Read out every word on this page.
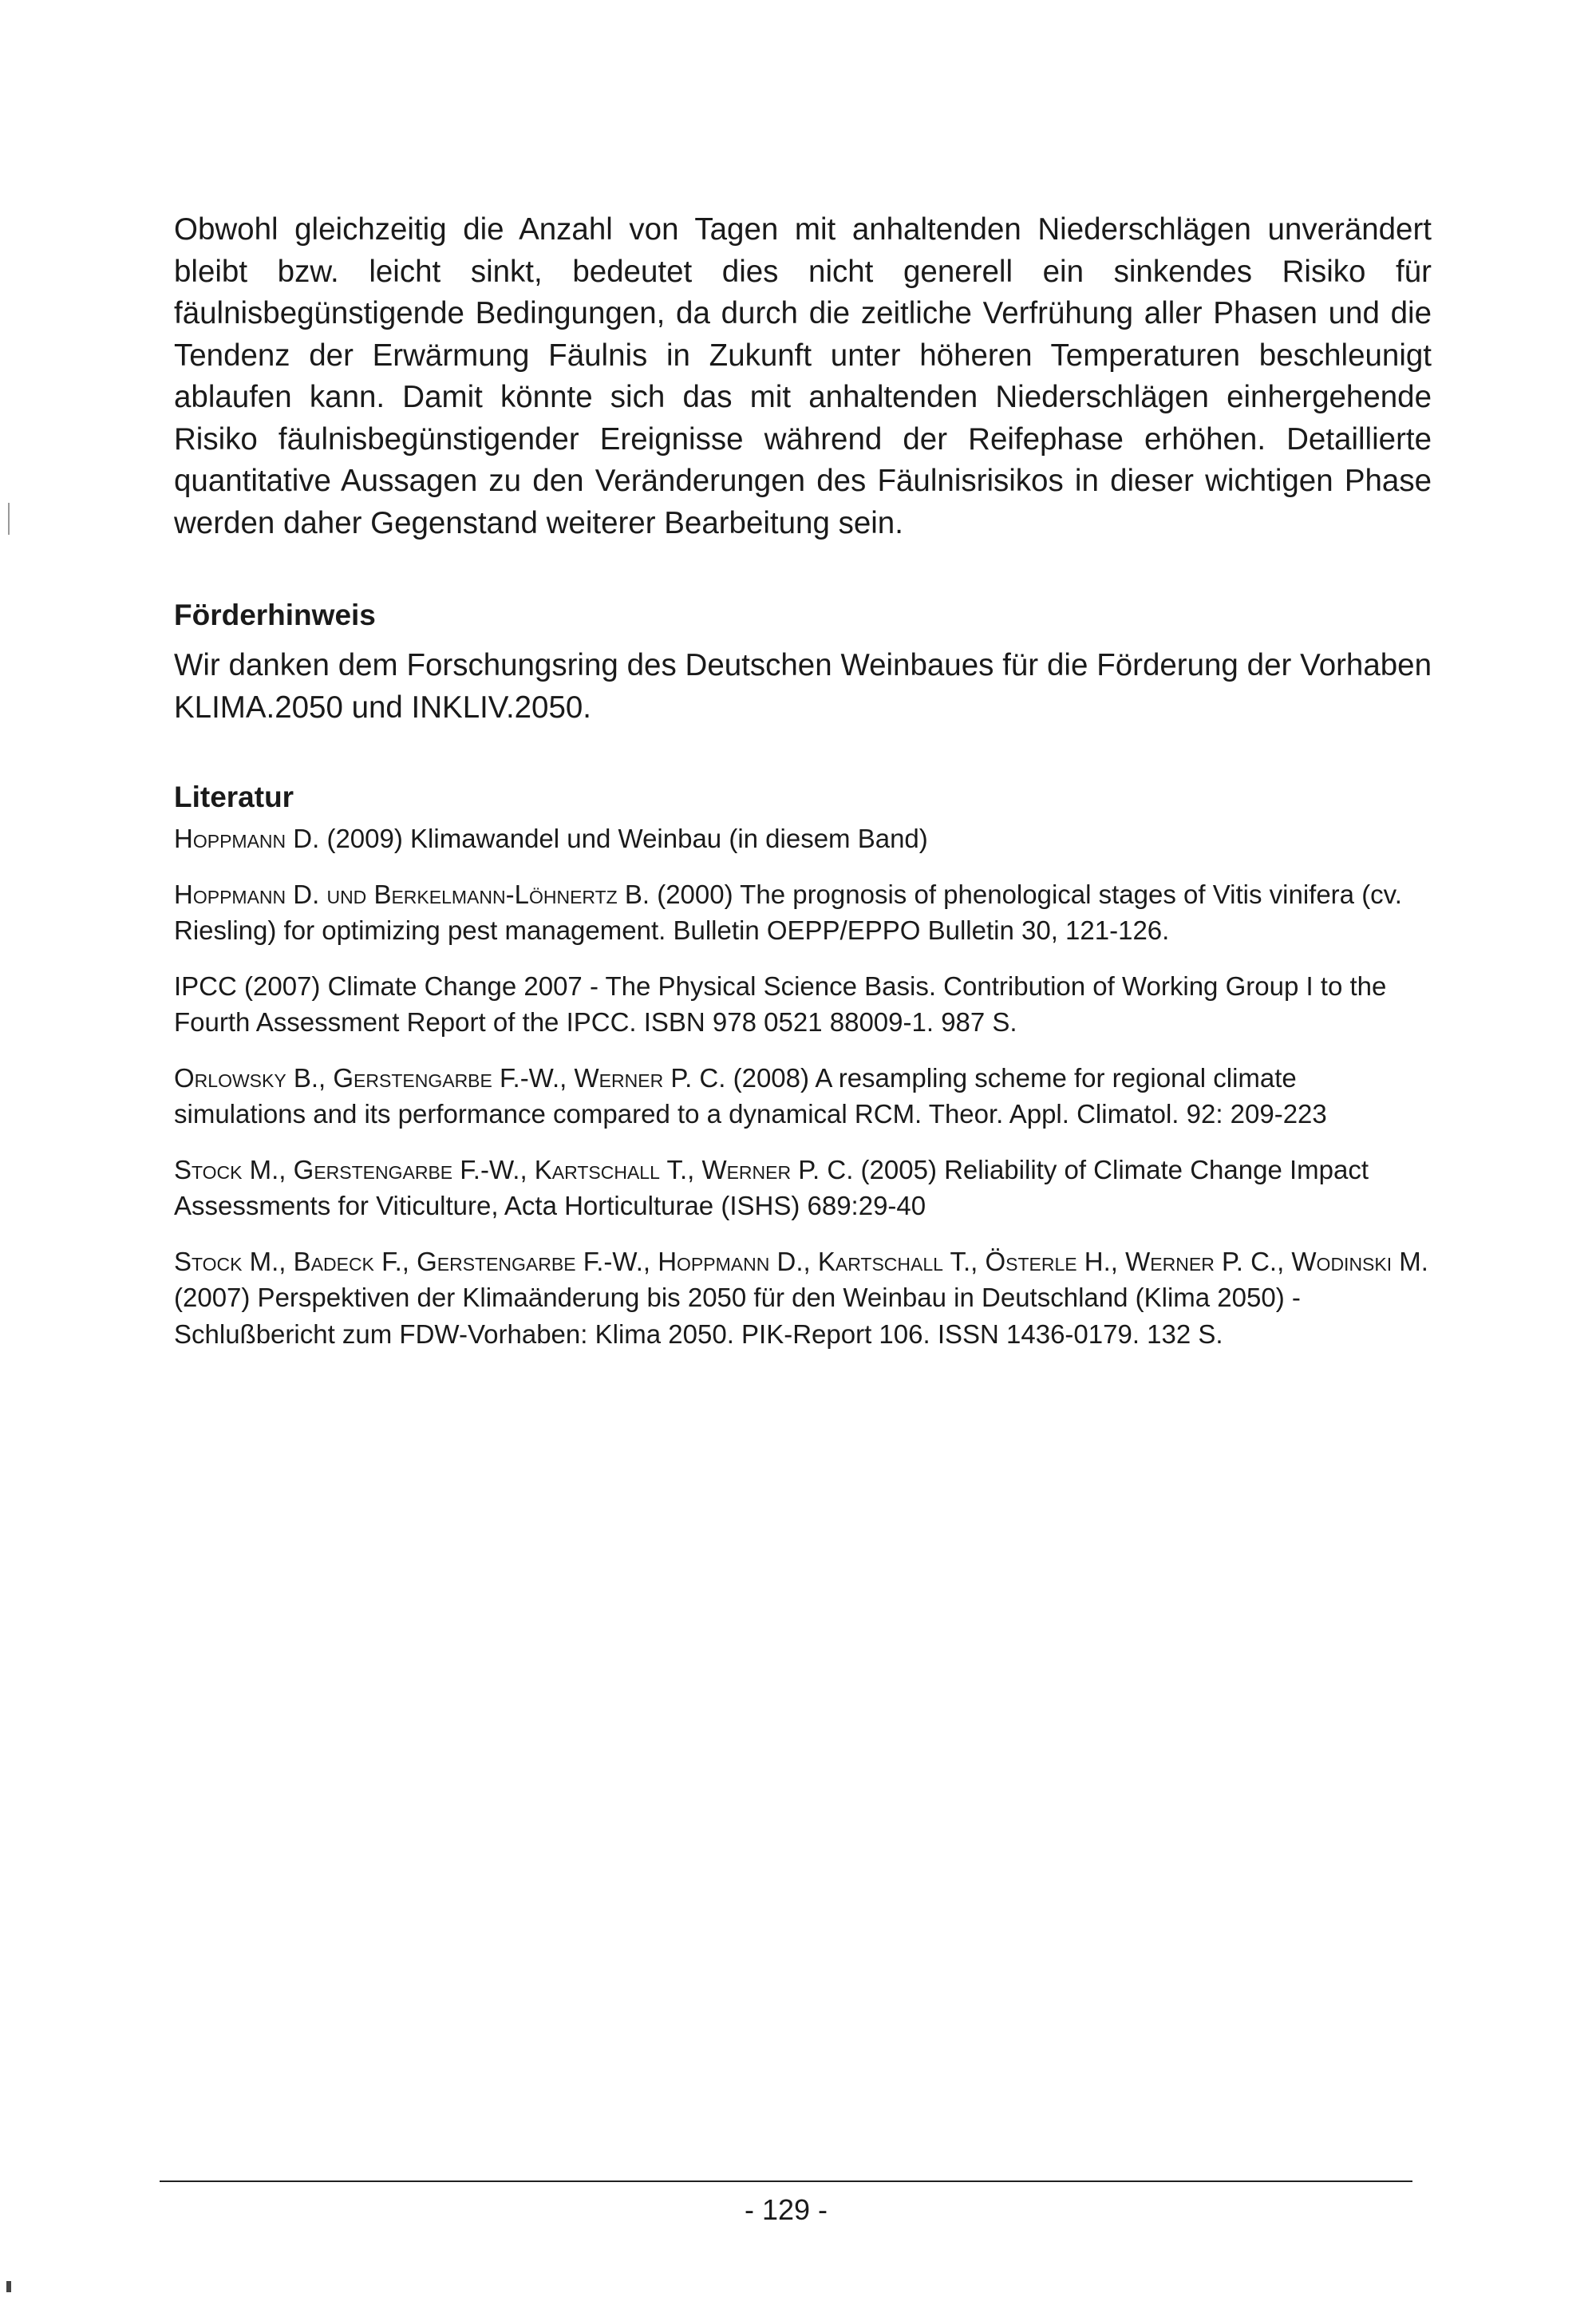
Obwohl gleichzeitig die Anzahl von Tagen mit anhaltenden Niederschlägen unverändert bleibt bzw. leicht sinkt, bedeutet dies nicht generell ein sinkendes Risiko für fäulnisbegünstigende Bedingungen, da durch die zeitliche Verfrühung aller Phasen und die Tendenz der Erwärmung Fäulnis in Zukunft unter höheren Temperaturen beschleunigt ablaufen kann. Damit könnte sich das mit anhaltenden Niederschlägen einhergehende Risiko fäulnisbegünstigender Ereignisse während der Reifephase erhöhen. Detaillierte quantitative Aussagen zu den Veränderungen des Fäulnisrisikos in dieser wichtigen Phase werden daher Gegenstand weiterer Bearbeitung sein.

Förderhinweis

Wir danken dem Forschungsring des Deutschen Weinbaues für die Förderung der Vorhaben KLIMA.2050 und INKLIV.2050.

Literatur

Hoppmann D. (2009) Klimawandel und Weinbau (in diesem Band)

Hoppmann D. und Berkelmann-Löhnertz B. (2000) The prognosis of phenological stages of Vitis vinifera (cv. Riesling) for optimizing pest management. Bulletin OEPP/EPPO Bulletin 30, 121-126.

IPCC (2007) Climate Change 2007 - The Physical Science Basis. Contribution of Working Group I to the Fourth Assessment Report of the IPCC. ISBN 978 0521 88009-1. 987 S.

Orlowsky B., Gerstengarbe F.-W., Werner P. C. (2008) A resampling scheme for regional climate simulations and its performance compared to a dynamical RCM. Theor. Appl. Climatol. 92: 209-223

Stock M., Gerstengarbe F.-W., Kartschall T., Werner P. C. (2005) Reliability of Climate Change Impact Assessments for Viticulture, Acta Horticulturae (ISHS) 689:29-40

Stock M., Badeck F., Gerstengarbe F.-W., Hoppmann D., Kartschall T., Österle H., Werner P. C., Wodinski M. (2007) Perspektiven der Klimaänderung bis 2050 für den Weinbau in Deutschland (Klima 2050) - Schlußbericht zum FDW-Vorhaben: Klima 2050. PIK-Report 106. ISSN 1436-0179. 132 S.

- 129 -
